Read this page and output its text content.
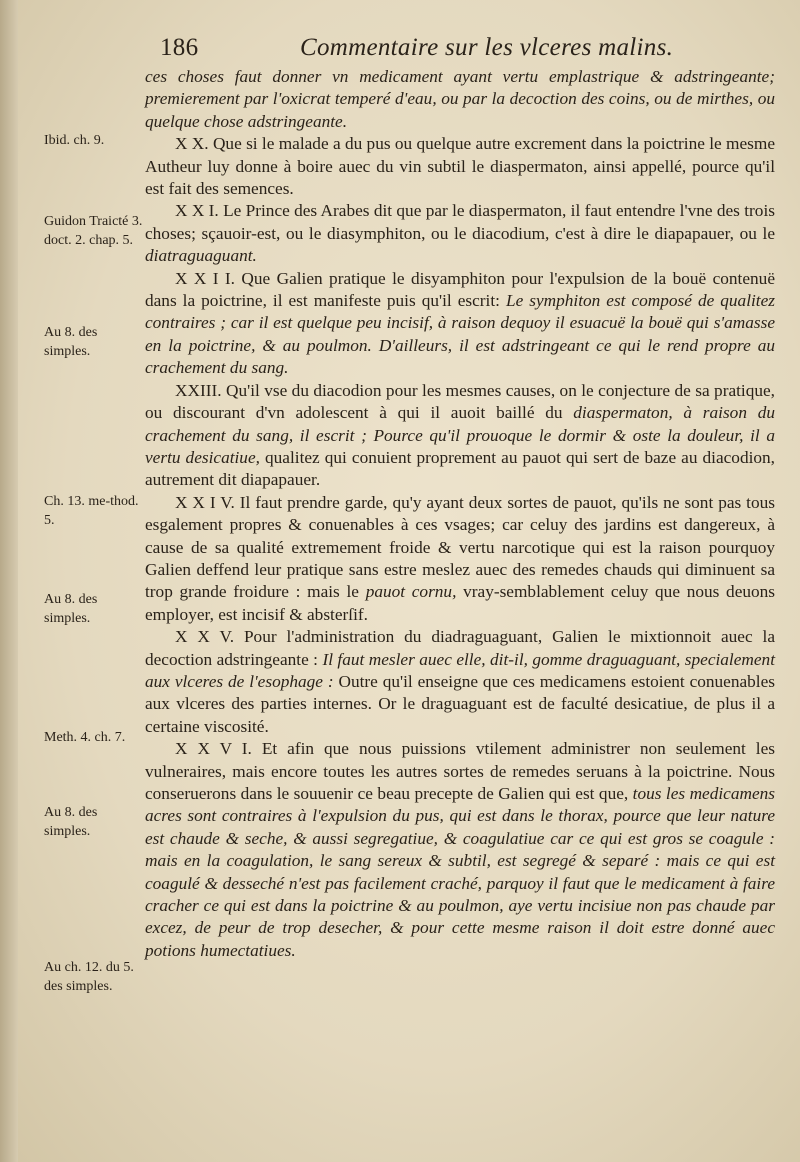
186	Commentaire sur les vlceres malins.
Ibid. ch. 9.
Guidon Traicté 3. doct. 2. chap. 5.
Au 8. des simples.
Ch. 13. me-thod. 5.
Au 8. des simples.
Meth. 4. ch. 7.
Au 8. des simples.
Au ch. 12. du 5. des simples.

ces choses faut donner vn medicament ayant vertu emplastrique & adstringeante; premierement par l'oxicrat temperé d'eau, ou par la decoction des coins, ou de mirthes, ou quelque chose adstringeante.

X X. Que si le malade a du pus ou quelque autre excrement dans la poictrine le mesme Autheur luy donne à boire auec du vin subtil le diaspermaton, ainsi appellé, pource qu'il est fait des semences.

X X I. Le Prince des Arabes dit que par le diaspermaton, il faut entendre l'vne des trois choses; sçauoir-est, ou le diasymphiton, ou le diacodium, c'est à dire le diapapauer, ou le diatraguaguant.

X X I I. Que Galien pratique le disyamphiton pour l'expulsion de la bouë contenuë dans la poictrine, il est manifeste puis qu'il escrit: Le symphiton est composé de qualitez contraires ; car il est quelque peu incisif, à raison dequoy il esuacuë la bouë qui s'amasse en la poictrine, & au poulmon. D'ailleurs, il est adstringeant ce qui le rend propre au crachement du sang.

XXIII. Qu'il vse du diacodion pour les mesmes causes, on le conjecture de sa pratique, ou discourant d'vn adolescent à qui il auoit baillé du diaspermaton, à raison du crachement du sang, il escrit ; Pource qu'il prouoque le dormir & oste la douleur, il a vertu desicatiue, qualitez qui conuient proprement au pauot qui sert de baze au diacodion, autrement dit diapapauer.

X X I V. Il faut prendre garde, qu'y ayant deux sortes de pauot, qu'ils ne sont pas tous esgalement propres & conuenables à ces vsages; car celuy des jardins est dangereux, à cause de sa qualité extremement froide & vertu narcotique qui est la raison pourquoy Galien deffend leur pratique sans estre meslez auec des remedes chauds qui diminuent sa trop grande froidure : mais le pauot cornu, vray-semblablement celuy que nous deuons employer, est incisif & absterſif.

X X V. Pour l'administration du diadraguaguant, Galien le mixtionnoit auec la decoction adstringeante : Il faut mesler auec elle, dit-il, gomme draguaguant, specialement aux vlceres de l'esophage : Outre qu'il enseigne que ces medicamens estoient conuenables aux vlceres des parties internes. Or le draguaguant est de faculté desicatiue, de plus il a certaine viscosité.

X X V I. Et afin que nous puissions vtilement administrer non seulement les vulneraires, mais encore toutes les autres sortes de remedes seruans à la poictrine. Nous conseruerons dans le souuenir ce beau precepte de Galien qui est que, tous les medicamens acres sont contraires à l'expulsion du pus, qui est dans le thorax, pource que leur nature est chaude & seche, & aussi segregatiue, & coagulatiue car ce qui est gros se coagule : mais en la coagulation, le sang sereux & subtil, est segregé & separé : mais ce qui est coagulé & desseché n'est pas facilement craché, parquoy il faut que le medicament à faire cracher ce qui est dans la poictrine & au poulmon, aye vertu incisiue non pas chaude par excez, de peur de trop desecher, & pour cette mesme raison il doit estre donné auec potions humectatiues.
